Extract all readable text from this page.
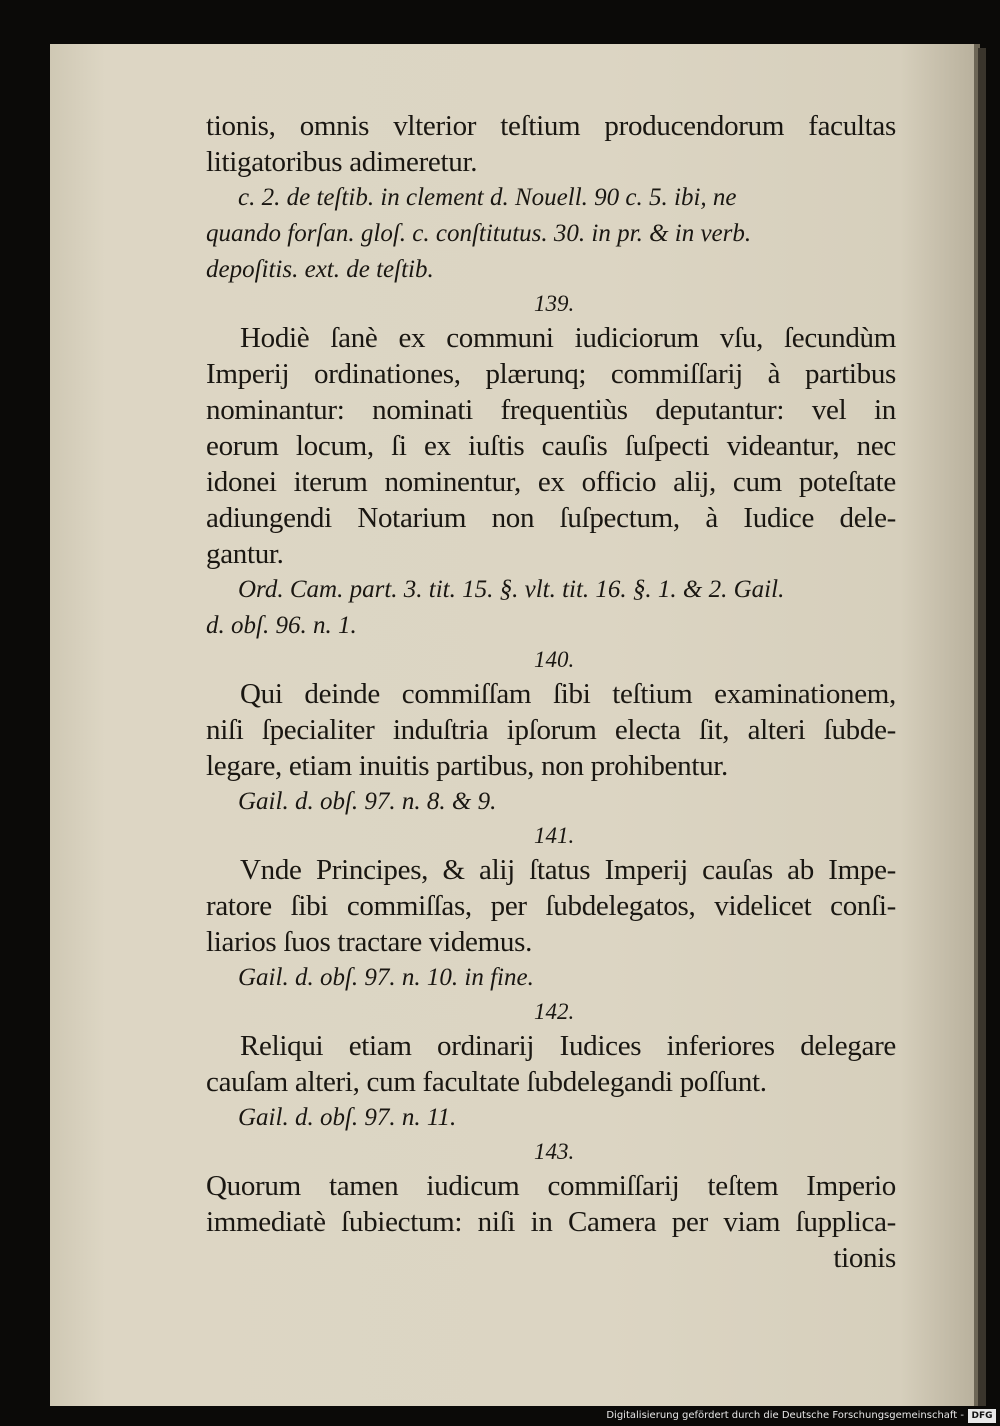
tionis, omnis vlterior teſtium producendorum facultas
litigatoribus adimeretur.
c. 2. de teſtib. in clement d. Nouell. 90 c. 5. ibi, ne
quando forſan. gloſ. c. conſtitutus. 30. in pr. & in verb.
depoſitis. ext. de teſtib.
139.
Hodiè ſanè ex communi iudiciorum vſu, ſecundùm
Imperij ordinationes, plærunq; commiſſarij à partibus
nominantur: nominati frequentiùs deputantur: vel in
eorum locum, ſi ex iuſtis cauſis ſuſpecti videantur, nec
idonei iterum nominentur, ex officio alij, cum poteſtate
adiungendi Notarium non ſuſpectum, à Iudice dele-
gantur.
Ord. Cam. part. 3. tit. 15. §. vlt. tit. 16. §. 1. & 2. Gail.
d. obſ. 96. n. 1.
140.
Qui deinde commiſſam ſibi teſtium examinationem,
niſi ſpecialiter induſtria ipſorum electa ſit, alteri ſubde-
legare, etiam inuitis partibus, non prohibentur.
Gail. d. obſ. 97. n. 8. & 9.
141.
Vnde Principes, & alij ſtatus Imperij cauſas ab Impe-
ratore ſibi commiſſas, per ſubdelegatos, videlicet conſi-
liarios ſuos tractare videmus.
Gail. d. obſ. 97. n. 10. in fine.
142.
Reliqui etiam ordinarij Iudices inferiores delegare
cauſam alteri, cum facultate ſubdelegandi poſſunt.
Gail. d. obſ. 97. n. 11.
143.
Quorum tamen iudicum commiſſarij teſtem Imperio
immediatè ſubiectum: niſi in Camera per viam ſupplica-
tionis
Digitalisierung gefördert durch die Deutsche Forschungsgemeinschaft - DFG
